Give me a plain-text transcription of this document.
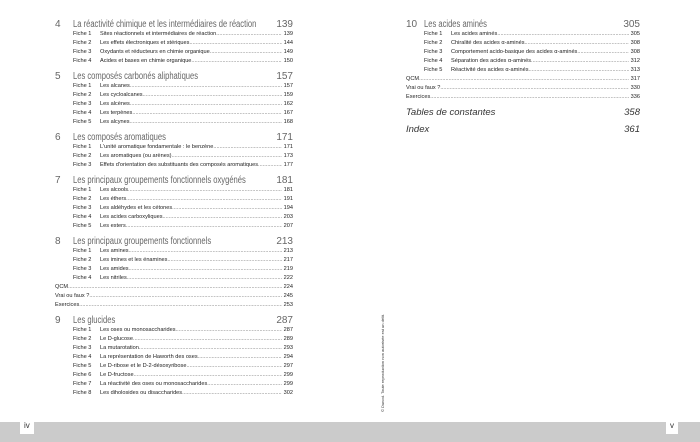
4	La réactivité chimique et les intermédiaires de réaction	139
Fiche 1	Sites réactionnels et intermédiaires de réaction .....	139
Fiche 2	Les effets électroniques et stériques .....	144
Fiche 3	Oxydants et réducteurs en chimie organique .....	149
Fiche 4	Acides et bases en chimie organique .....	150
5	Les composés carbonés aliphatiques	157
Fiche 1	Les alcanes .....	157
Fiche 2	Les cycloalcanes .....	159
Fiche 3	Les alcènes .....	162
Fiche 4	Les terpènes .....	167
Fiche 5	Les alcynes .....	168
6	Les composés aromatiques	171
Fiche 1	L'unité aromatique fondamentale : le benzène .....	171
Fiche 2	Les aromatiques (ou arènes) .....	173
Fiche 3	Effets d'orientation des substituants des composés aromatiques .....	177
7	Les principaux groupements fonctionnels oxygénés	181
Fiche 1	Les alcools .....	181
Fiche 2	Les éthers .....	191
Fiche 3	Les aldéhydes et les cétones .....	194
Fiche 4	Les acides carboxyliques .....	203
Fiche 5	Les esters .....	207
8	Les principaux groupements fonctionnels	213
Fiche 1	Les amines .....	213
Fiche 2	Les imines et les énamines .....	217
Fiche 3	Les amides .....	219
Fiche 4	Les nitriles .....	222
QCM .....	224
Vrai ou faux ? .....	245
Exercices .....	253
9	Les glucides	287
Fiche 1	Les oses ou monosaccharides .....	287
Fiche 2	Le D-glucose .....	289
Fiche 3	La mutarotation .....	293
Fiche 4	La représentation de Haworth des oses .....	294
Fiche 5	Le D-ribose et le D-2-désoxyribose .....	297
Fiche 6	Le D-fructose .....	299
Fiche 7	La réactivité des oses ou monosaccharides .....	299
Fiche 8	Les diholosides ou disaccharides .....	302
10 Les acides aminés	305
Fiche 1	Les acides aminés .....	305
Fiche 2	Chiralité des acides α-aminés .....	308
Fiche 3	Comportement acido-basique des acides α-aminés .....	308
Fiche 4	Séparation des acides α-aminés .....	312
Fiche 5	Réactivité des acides α-aminés .....	313
QCM .....	317
Vrai ou faux ? .....	330
Exercices .....	336
Tables de constantes	358
Index	361
© Dunod. Toute reproduction non autorisée est un délit.
iv	v
